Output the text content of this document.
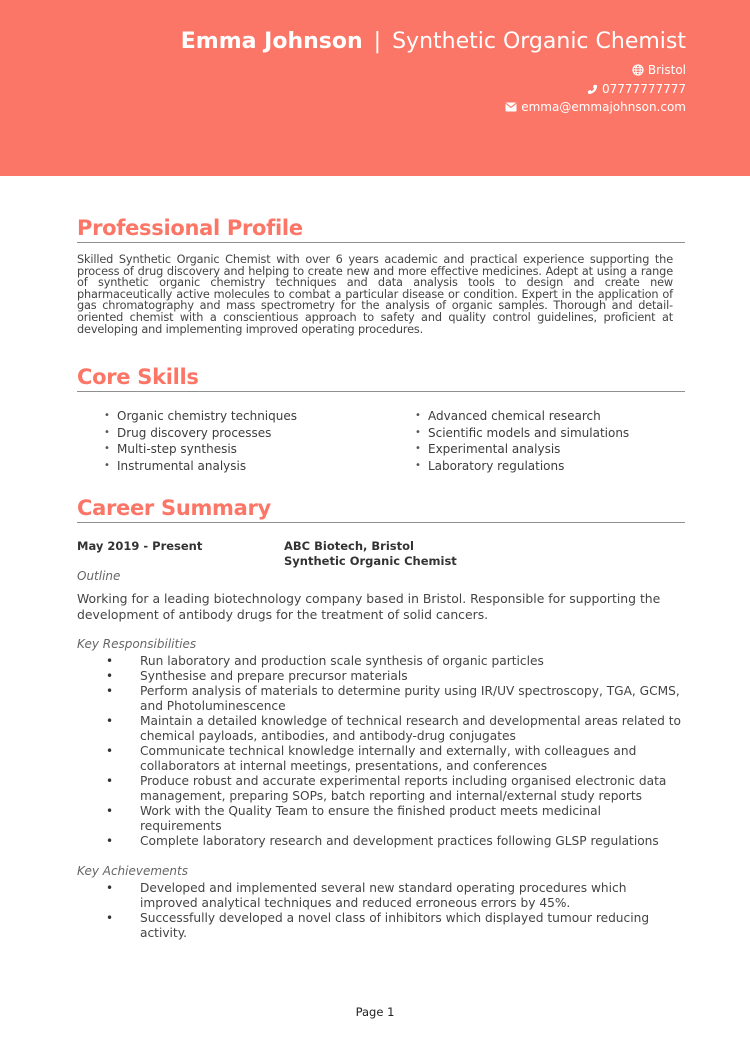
Emma Johnson | Synthetic Organic Chemist
Bristol
07777777777
emma@emmajohnson.com
Professional Profile
Skilled Synthetic Organic Chemist with over 6 years academic and practical experience supporting the process of drug discovery and helping to create new and more effective medicines. Adept at using a range of synthetic organic chemistry techniques and data analysis tools to design and create new pharmaceutically active molecules to combat a particular disease or condition. Expert in the application of gas chromatography and mass spectrometry for the analysis of organic samples. Thorough and detail-oriented chemist with a conscientious approach to safety and quality control guidelines, proficient at developing and implementing improved operating procedures.
Core Skills
• Organic chemistry techniques
• Drug discovery processes
• Multi-step synthesis
• Instrumental analysis
• Advanced chemical research
• Scientific models and simulations
• Experimental analysis
• Laboratory regulations
Career Summary
May 2019 - Present	ABC Biotech, Bristol
Synthetic Organic Chemist
Outline
Working for a leading biotechnology company based in Bristol. Responsible for supporting the development of antibody drugs for the treatment of solid cancers.
Key Responsibilities
• Run laboratory and production scale synthesis of organic particles
• Synthesise and prepare precursor materials
• Perform analysis of materials to determine purity using IR/UV spectroscopy, TGA, GCMS, and Photoluminescence
• Maintain a detailed knowledge of technical research and developmental areas related to chemical payloads, antibodies, and antibody-drug conjugates
• Communicate technical knowledge internally and externally, with colleagues and collaborators at internal meetings, presentations, and conferences
• Produce robust and accurate experimental reports including organised electronic data management, preparing SOPs, batch reporting and internal/external study reports
• Work with the Quality Team to ensure the finished product meets medicinal requirements
• Complete laboratory research and development practices following GLSP regulations
Key Achievements
• Developed and implemented several new standard operating procedures which improved analytical techniques and reduced erroneous errors by 45%.
• Successfully developed a novel class of inhibitors which displayed tumour reducing activity.
Page 1
